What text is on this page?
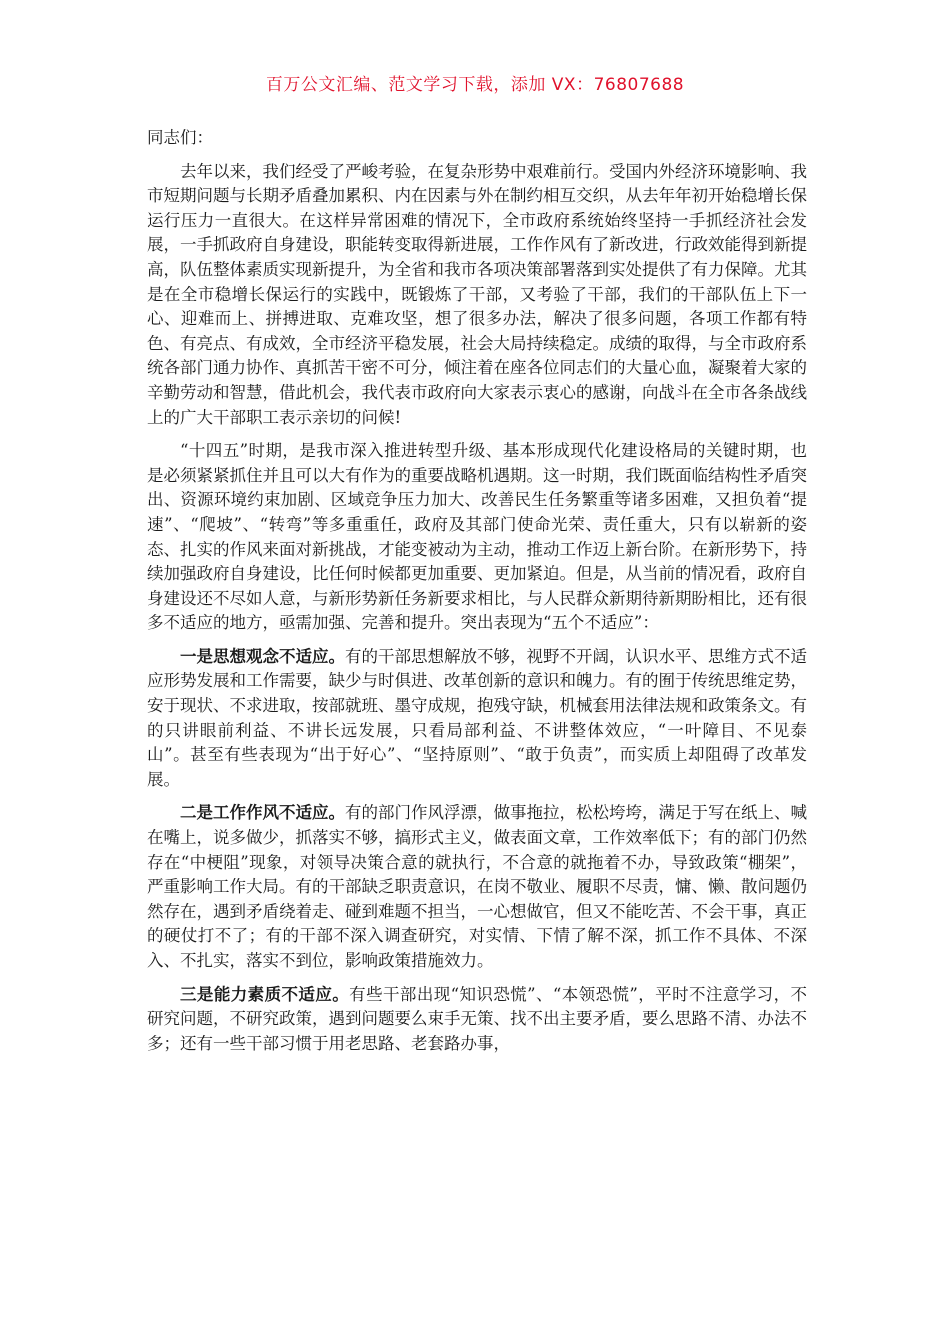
百万公文汇编、范文学习下载，添加 VX：76807688

同志们：

去年以来，我们经受了严峻考验，在复杂形势中艰难前行。受国内外经济环境影响、我市短期问题与长期矛盾叠加累积、内在因素与外在制约相互交织，从去年年初开始稳增长保运行压力一直很大。在这样异常困难的情况下，全市政府系统始终坚持一手抓经济社会发展，一手抓政府自身建设，职能转变取得新进展，工作作风有了新改进，行政效能得到新提高，队伍整体素质实现新提升，为全省和我市各项决策部署落到实处提供了有力保障。尤其是在全市稳增长保运行的实践中，既锻炼了干部，又考验了干部，我们的干部队伍上下一心、迎难而上、拼搏进取、克难攻坚，想了很多办法，解决了很多问题，各项工作都有特色、有亮点、有成效，全市经济平稳发展，社会大局持续稳定。成绩的取得，与全市政府系统各部门通力协作、真抓苦干密不可分，倾注着在座各位同志们的大量心血，凝聚着大家的辛勤劳动和智慧，借此机会，我代表市政府向大家表示衷心的感谢，向战斗在全市各条战线上的广大干部职工表示亲切的问候!

“十四五”时期，是我市深入推进转型升级、基本形成现代化建设格局的关键时期，也是必须紧紧抓住并且可以大有作为的重要战略机遇期。这一时期，我们既面临结构性矛盾突出、资源环境约束加剧、区域竞争压力加大、改善民生任务繁重等诸多困难，又担负着“提速”、“爬坡”、“转弯”等多重重任，政府及其部门使命光荣、责任重大，只有以崭新的姿态、扎实的作风来面对新挑战，才能变被动为主动，推动工作迈上新台阶。在新形势下，持续加强政府自身建设，比任何时候都更加重要、更加紧迫。但是，从当前的情况看，政府自身建设还不尽如人意，与新形势新任务新要求相比，与人民群众新期待新期盼相比，还有很多不适应的地方，亟需加强、完善和提升。突出表现为“五个不适应”：

一是思想观念不适应。有的干部思想解放不够，视野不开阔，认识水平、思维方式不适应形势发展和工作需要，缺少与时俱进、改革创新的意识和魄力。有的囿于传统思维定势，安于现状、不求进取，按部就班、墨守成规，抱残守缺，机械套用法律法规和政策条文。有的只讲眼前利益、不讲长远发展，只看局部利益、不讲整体效应，“一叶障目、不见泰山”。甚至有些表现为“出于好心”、“坚持原则”、“敢于负责”，而实质上却阻碍了改革发展。

二是工作作风不适应。有的部门作风浮漂，做事拖拉，松松垮垮，满足于写在纸上、喊在嘴上，说多做少，抓落实不够，搞形式主义，做表面文章，工作效率低下；有的部门仍然存在“中梗阻”现象，对领导决策合意的就执行，不合意的就拖着不办，导致政策“棚架”，严重影响工作大局。有的干部缺乏职责意识，在岗不敬业、履职不尽责，慵、懒、散问题仍然存在，遇到矛盾绕着走、碰到难题不担当，一心想做官，但又不能吃苦、不会干事，真正的硬仗打不了；有的干部不深入调查研究，对实情、下情了解不深，抓工作不具体、不深入、不扎实，落实不到位，影响政策措施效力。

三是能力素质不适应。有些干部出现“知识恐慌”、“本领恐慌”，平时不注意学习，不研究问题，不研究政策，遇到问题要么束手无策、找不出主要矛盾，要么思路不清、办法不多；还有一些干部习惯于用老思路、老套路办事，
